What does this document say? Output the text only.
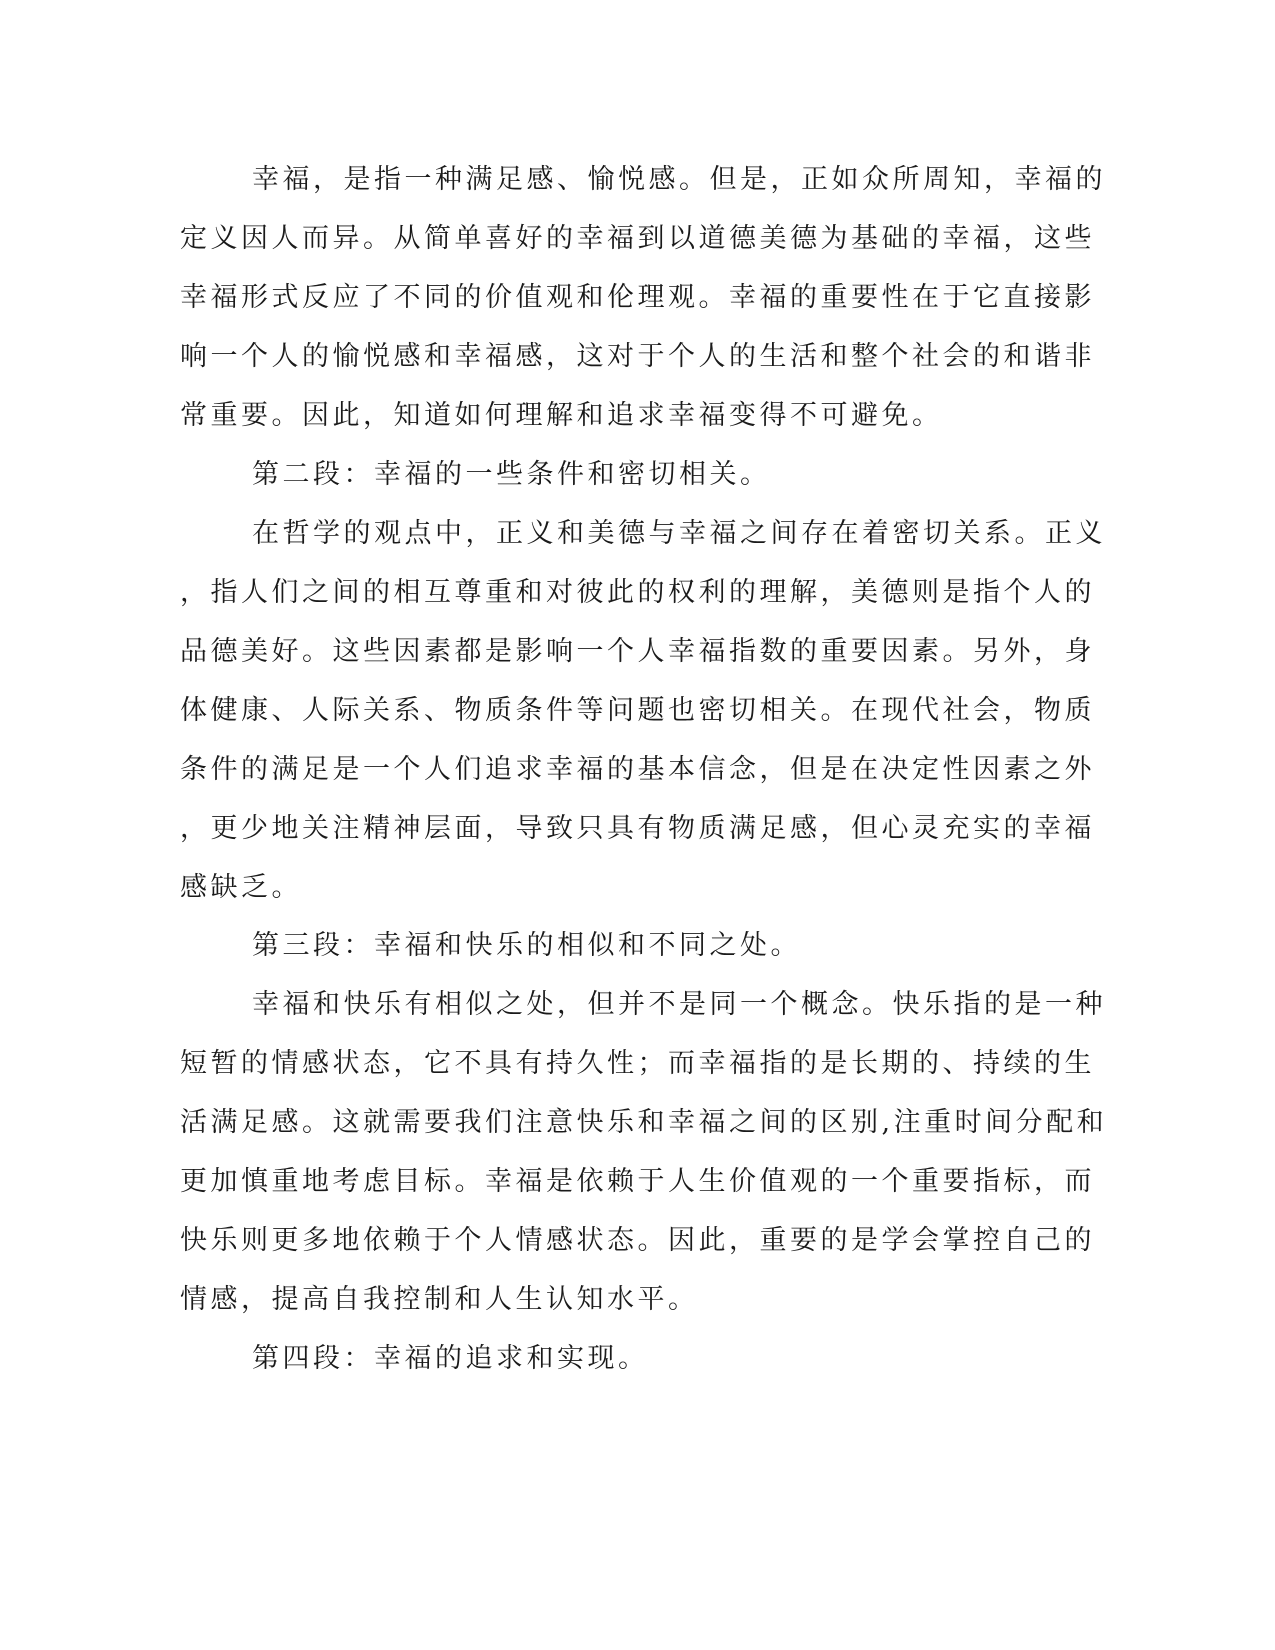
幸福，是指一种满足感、愉悦感。但是，正如众所周知，幸福的
定义因人而异。从简单喜好的幸福到以道德美德为基础的幸福，这些
幸福形式反应了不同的价值观和伦理观。幸福的重要性在于它直接影
响一个人的愉悦感和幸福感，这对于个人的生活和整个社会的和谐非
常重要。因此，知道如何理解和追求幸福变得不可避免。
第二段：幸福的一些条件和密切相关。
在哲学的观点中，正义和美德与幸福之间存在着密切关系。正义
，指人们之间的相互尊重和对彼此的权利的理解，美德则是指个人的
品德美好。这些因素都是影响一个人幸福指数的重要因素。另外，身
体健康、人际关系、物质条件等问题也密切相关。在现代社会，物质
条件的满足是一个人们追求幸福的基本信念，但是在决定性因素之外
，更少地关注精神层面，导致只具有物质满足感，但心灵充实的幸福
感缺乏。
第三段：幸福和快乐的相似和不同之处。
幸福和快乐有相似之处，但并不是同一个概念。快乐指的是一种
短暂的情感状态，它不具有持久性；而幸福指的是长期的、持续的生
活满足感。这就需要我们注意快乐和幸福之间的区别,注重时间分配和
更加慎重地考虑目标。幸福是依赖于人生价值观的一个重要指标，而
快乐则更多地依赖于个人情感状态。因此，重要的是学会掌控自己的
情感，提高自我控制和人生认知水平。
第四段：幸福的追求和实现。
